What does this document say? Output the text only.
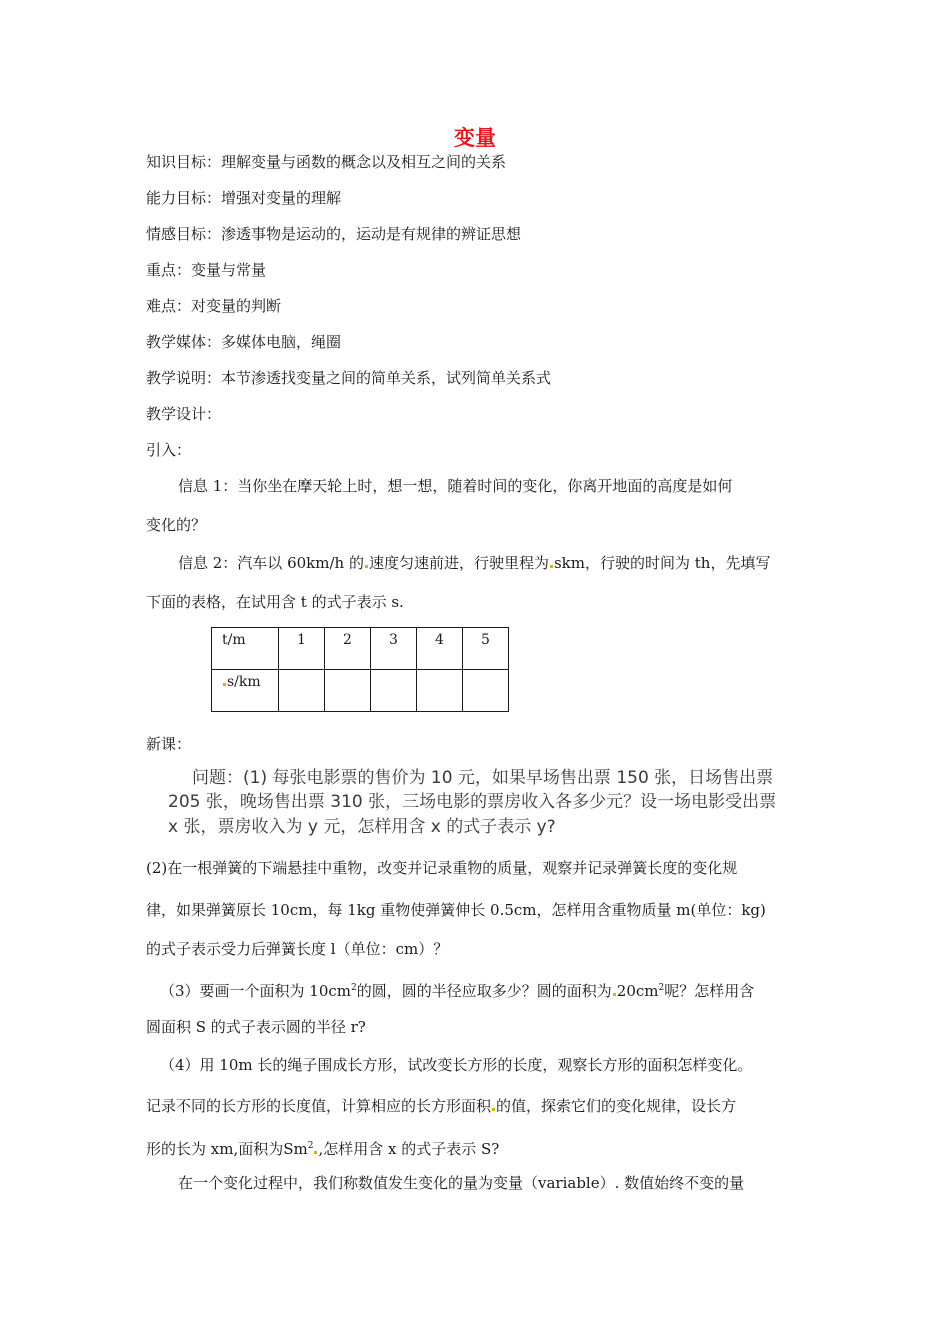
变量
知识目标：理解变量与函数的概念以及相互之间的关系
能力目标：增强对变量的理解
情感目标：渗透事物是运动的，运动是有规律的辨证思想
重点：变量与常量
难点：对变量的判断
教学媒体：多媒体电脑，绳圈
教学说明：本节渗透找变量之间的简单关系，试列简单关系式
教学设计：
引入：
信息 1：当你坐在摩天轮上时，想一想，随着时间的变化，你离开地面的高度是如何
变化的？
信息 2：汽车以 60km/h 的 速度匀速前进，行驶里程为 skm，行驶的时间为 th，先填写
下面的表格，在试用含 t 的式子表示 s.
t/m	1	2	3	4	5
s/km					
新课：
问题：(1) 每张电影票的售价为 10 元，如果早场售出票 150 张，日场售出票
205 张，晚场售出票 310 张，三场电影的票房收入各多少元？设一场电影受出票
x 张，票房收入为 y 元，怎样用含 x 的式子表示 y?
(2)在一根弹簧的下端悬挂中重物，改变并记录重物的质量，观察并记录弹簧长度的变化规
律，如果弹簧原长 10cm，每 1kg 重物使弹簧伸长 0.5cm，怎样用含重物质量 m(单位：kg)
的式子表示受力后弹簧长度 l（单位：cm）？
（3）要画一个面积为 $10cm^2$的圆，圆的半径应取多少？圆的面积为 $20cm^2$呢？怎样用含
圆面积 S 的式子表示圆的半径 r?
（4）用 10m 长的绳子围成长方形，试改变长方形的长度，观察长方形的面积怎样变化。
记录不同的长方形的长度值，计算相应的长方形面积 的值，探索它们的变化规律，设长方
形的长为 xm,面积为Sm$^2$ ,怎样用含 x 的式子表示 S?
在一个变化过程中，我们称数值发生变化的量为变量（variable）. 数值始终不变的量
